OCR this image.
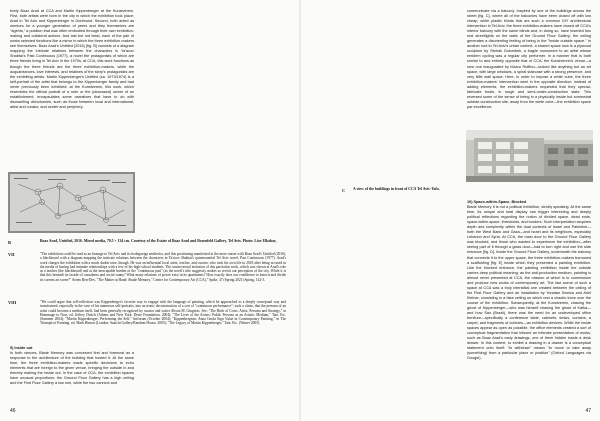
tively Boaz Arad at CCA and Martin Kippenberger at the Kunstverein. First, both artists were born in the city in which the exhibition took place; Arad in Tel Aviv and Kippenberger in Dortmund. Second, both acted as mentors for a younger generation of peers and they themselves are "agents," a position that was often embodied through their own exhibition-making and collateral actions. And last but not least, each of the pair of works selected functions like a mirror in which the three exhibition-makers see themselves. Boaz Arad's Untitled (2016) [fig. B] consists of a diagram mapping the intricate relations between the characters in Ya'acov Shabtai's Past Continuous (1977), a novel the protagonists of which are three friends living in Tel Aviv in the 1970s; at CCA, this work functions as though the three friends are the three exhibition-makers, while the acquaintances, love interests, and relatives of the story's protagonists are the exhibiting artists. Martin Kippenberger's Untitled (ca. 1973/1974) is a self-portrait of the artist that belongs to the Kippenberger family and had never previously been exhibited; at the Kunstverein, this work, which resembles the official portrait of a ruler or the (deceased) owner of an establishment, encapsulates some narratives that have to do with dismantling dichotomies, such as those between local and international, artist and curator, and center and periphery.

B	Boaz Arad, Untitled, 2016. Mixed media, 79.5 × 134 cm. Courtesy of the Estate of Boaz Arad and Rosenfeld Gallery, Tel Aviv. Photo: Lior Elkabay.
VII	"The exhibition could be read as an homage to Tel Aviv and its bodegueiga aesthetics, and this positioning manifested at the more outset with Boaz Arad's Untitled (2016), a blackboard with a diagram mapping the intricate relations between the characters in Ya'acov Shabtai's quintessential Tel Aviv novel, Past Continuous (1977). Arad's work charges the exhibition with a much darker tone, though. He was an influential local artist, teacher, and curator, who took his own life in 2018 after being accused in the media of having had intimate relationships with a few of his high-school students. The controversial inclusion of this particular work, which was shown at Arad's role as a teacher (the blackboard) and at the inescapable burden of the "continuous past" (as the novel's title suggests), makes us revisit our perception of the city. While it is that this beneath its facade of casualness and social sunny? What many relations of power exist in its apartments? How exactly does our confidence to knowit and divide its current art scene?" Artem Ben-Dov, "The Matter at Hand: Shade Memory," Center for Contemporary Art (CCA)," Spike, 47 (Spring 2021) Spring, 142-3.
VIII	"We could argue that self-reflection was Kippenberger's favorite way to engage with the language of painting, which he approached to a deeply conceptual way and transformed, especially in the case of his numerous self-portraits, into an ironic deconstruction of a sort of "continuous performance"; such a claim, that the persona of an artist could become a medium itself, had been generally recognized by curator and writer Alison M. Gingeras. See: "The Birth of Cross: Artist, Persona and Strategy," in Hommage to Now, ed. Jeffrey Deitch (Athens and New York: Deste Foundation, 2004); "The Lives of the Artists: Public Persona as an Artistic Medium," Tate, Etc. (Summer 2004); "Martin Kippenberger: Performing the Self," Artforum (October 2004); "Kippenbergism: Anna Gerda Sign Value in Contemporary Painting," in The Triumph of Painting, ed. Mark Hutton (London: Saatchi Gallery/Random House, 2005); "The Legacy of Martin Kippenberger," Tate, Etc. (Winter 2005).

9) Inside out

In both venues, Blade Memory was conceived first and foremost as a response to the architecture of the building that hosted it. At the same time, the three exhibition-makers made specific decisions to echo elements that are foreign to the given venue, bringing the outside in and thereby making the inside out. In the case of CCA, the exhibition spaces have unusual proportions: the Ground Floor Gallery has a high ceiling and the First Floor Gallery a low one, while the two connect and

46

communicate via a balcony. Inspired by one of the buildings across the street [fig. C], where all of the balconies have been closed off with low cheap, white plastic blinds that are such a common DIY architectural intervention in Tel Aviv, the three exhibition-makers have closed off CCA's interior balcony with the same blinds and, in doing so, have inserted two real streetlights on the walls of the Ground Floor Gallery; the ceiling generates a disorienting feeling of being in the "inside outside space." In another nod to Tel Aviv's urban context, a shared space now is a plywood sculpture by Yitzhak Golombek, a fragile monument to an artist whose emblem cycling was a regular city performer. In a manner that is both similar to and entirely opposite that of CCA, the Kunstverein's venue—a new one inaugurated by Marco Ruffino—looked like anything but an art space, with large windows, a spiral staircase with a strong presence, and very little wall space. Here, in order to impose a white cube, the three exhibition-makers' intervention went in the opposite direction: instead of adding elements, the exhibition-makers requested that they special-fabricate trusts, in rough and semi-under-construction state. This reversed some of the sense of being in a physically inside but somewhat outside-construction site, away from the white cube—the exhibition space par excellence.

C A view of the buildings in front of CCA Tel Aviv-Yafo.

10) Space-within-Space, Blocked

Blade Memory it is not a political exhibition, strictly speaking. At the same time, its unique and total display can trigger interesting and deeply political reflections regarding the notion of divided space, dead ends, space-within-space, thresholds, and borders. Such interpretation acquires depth and complexity within the dual contexts of Israel and Palestine—both the West Bank and Gaza—and Israel and its neighbors, especially Lebanon and Syria. At CCA, the main door to the Ground Floor Gallery was blocked, and those who wanted to experience the exhibition—after seeing part of it through a glass door—had to turn right and use the side entrance [fig. D]. Inside the Ground Floor Gallery, underneath the balcony that connects it to the upper space, the three exhibition-makers borrowed a scaffolding [fig. E] inside which they presented a painting exhibition. Like the blocked entrance, the painting exhibition inside the outside carries deep political meaning: as the anti-production medium, painting is almost never presented at CCA, the mission of which is to commission and produce new works of contemporary art. The last scene of such a space at CCA was a truly interstitial one created between the ceiling of the First Floor Gallery and an installation by Yonatan Sweiza and Ariel Kleiner, consisting in a fake ceiling on which rest a chaotic trove over the course of the exhibition. Subsequently, at the Kunstverein, chasing the ghost of Kippenberger—who was himself chasing the ghost of Kafka—and how Sao (Brazil), there was the need for an undeveloped office furniture—specifically a conference table, cabinets, desks, curtains, a carpet, and fragments of cubicles—as exhibition devices. While the inside spaces appear as open as possible, the office elements created a sort of conceptual fragmentation that infused an intimate presentation of works, such as Boaz Arad's early drawings, one of them hidden inside a desk drawer. In this context, to exhibit a drawing in a drawer is a conceptual statement onto itself: "to withdraw" means "to move or take away (something) from a particular place or position" (Oxford Languages via Google).

47
